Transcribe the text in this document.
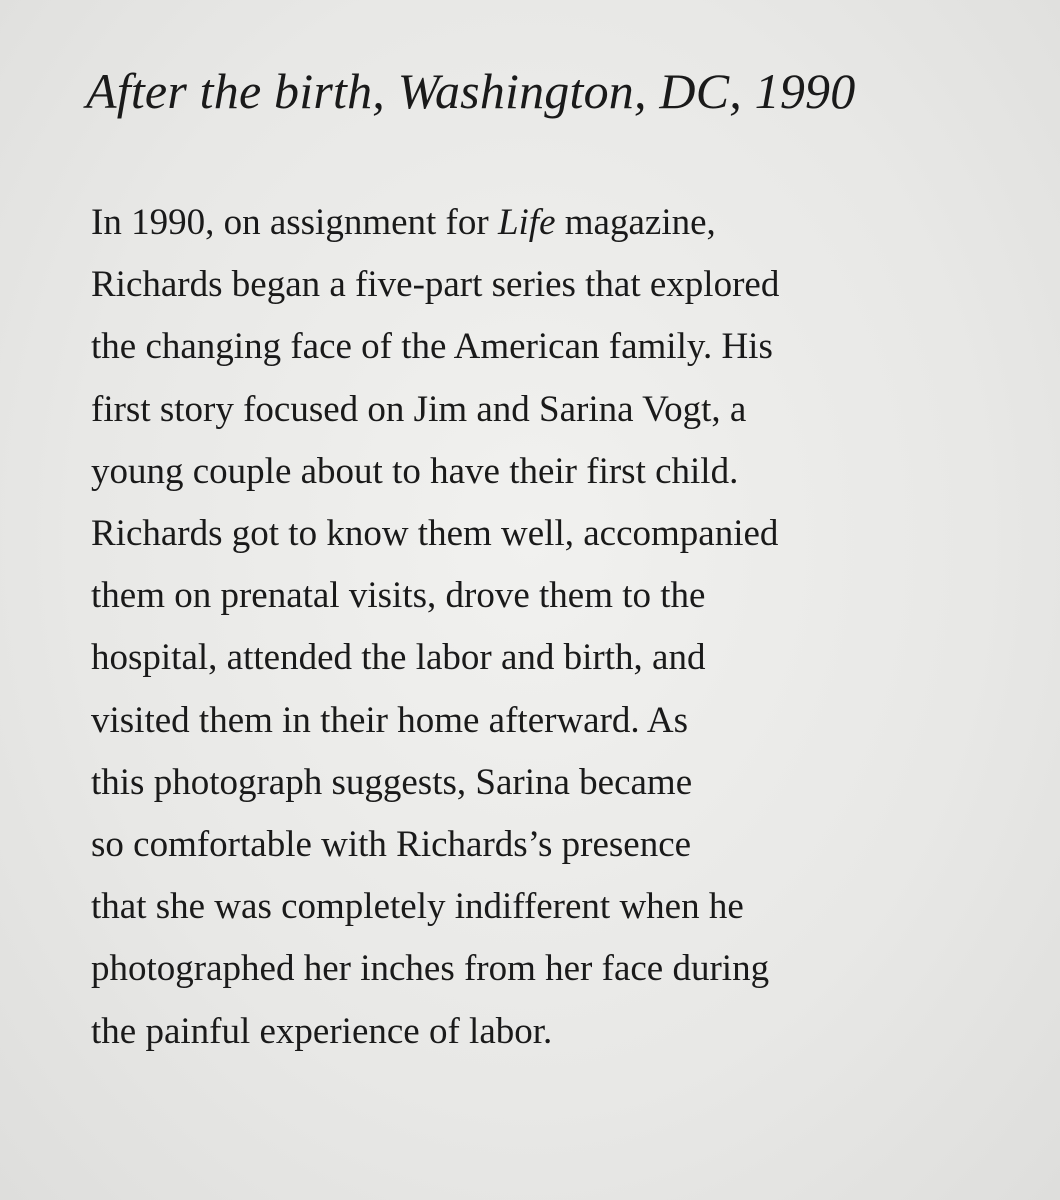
After the birth, Washington, DC, 1990

In 1990, on assignment for Life magazine,
Richards began a five-part series that explored
the changing face of the American family. His
first story focused on Jim and Sarina Vogt, a
young couple about to have their first child.
Richards got to know them well, accompanied
them on prenatal visits, drove them to the
hospital, attended the labor and birth, and
visited them in their home afterward. As
this photograph suggests, Sarina became
so comfortable with Richards’s presence
that she was completely indifferent when he
photographed her inches from her face during
the painful experience of labor.
